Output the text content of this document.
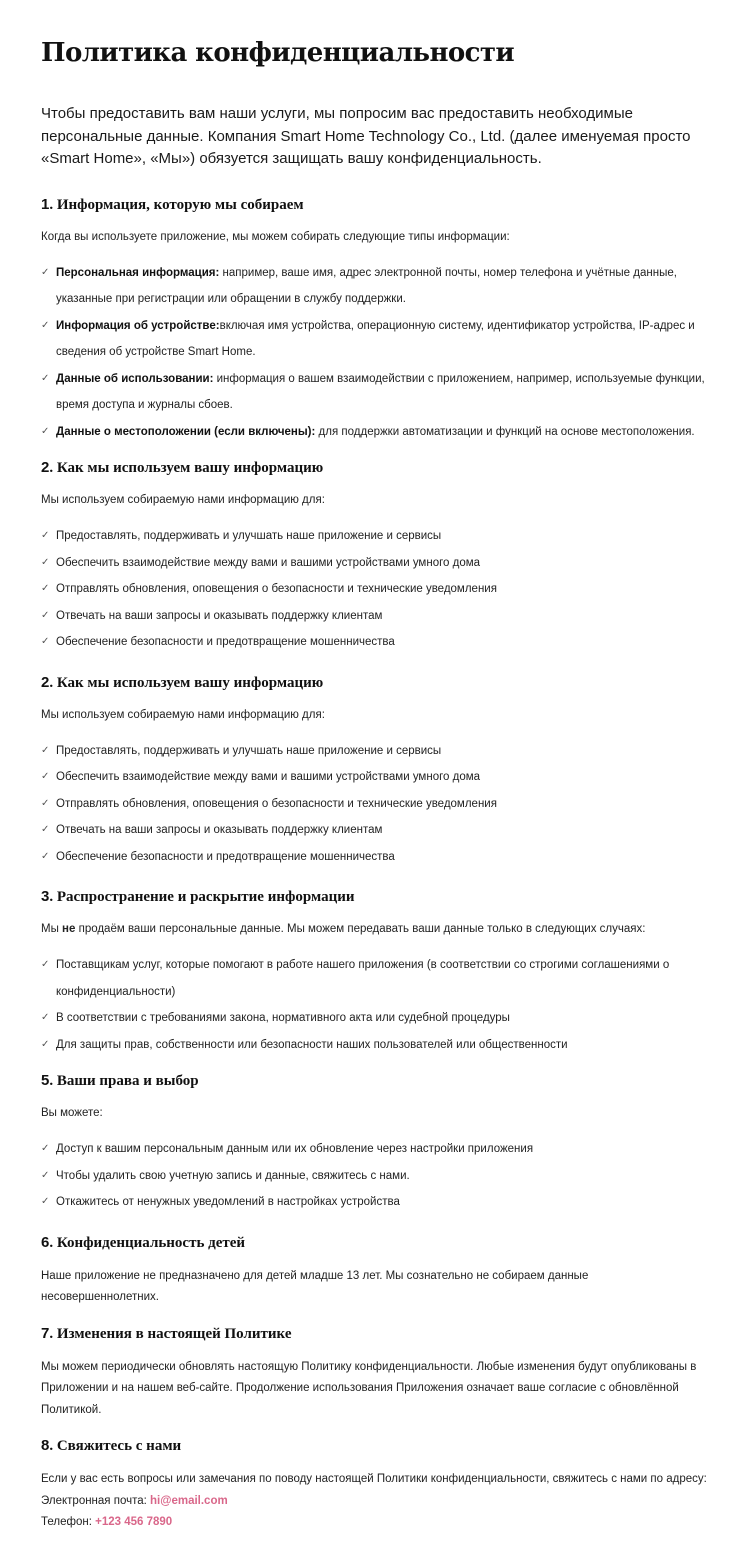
Политика конфиденциальности

Чтобы предоставить вам наши услуги, мы попросим вас предоставить необходимые персональные данные. Компания Smart Home Technology Co., Ltd. (далее именуемая просто «Smart Home», «Мы») обязуется защищать вашу конфиденциальность.

1. Информация, которую мы собираем

Когда вы используете приложение, мы можем собирать следующие типы информации:

✓ Персональная информация: например, ваше имя, адрес электронной почты, номер телефона и учётные данные, указанные при регистрации или обращении в службу поддержки.
✓ Информация об устройстве:включая имя устройства, операционную систему, идентификатор устройства, IP-адрес и сведения об устройстве Smart Home.
✓ Данные об использовании: информация о вашем взаимодействии с приложением, например, используемые функции, время доступа и журналы сбоев.
✓ Данные о местоположении (если включены): для поддержки автоматизации и функций на основе местоположения.
2. Как мы используем вашу информацию

Мы используем собираемую нами информацию для:

✓ Предоставлять, поддерживать и улучшать наше приложение и сервисы
✓ Обеспечить взаимодействие между вами и вашими устройствами умного дома
✓ Отправлять обновления, оповещения о безопасности и технические уведомления
✓ Отвечать на ваши запросы и оказывать поддержку клиентам
✓ Обеспечение безопасности и предотвращение мошенничества
2. Как мы используем вашу информацию

Мы используем собираемую нами информацию для:

✓ Предоставлять, поддерживать и улучшать наше приложение и сервисы
✓ Обеспечить взаимодействие между вами и вашими устройствами умного дома
✓ Отправлять обновления, оповещения о безопасности и технические уведомления
✓ Отвечать на ваши запросы и оказывать поддержку клиентам
✓ Обеспечение безопасности и предотвращение мошенничества
3. Распространение и раскрытие информации

Мы не продаём ваши персональные данные. Мы можем передавать ваши данные только в следующих случаях:

✓ Поставщикам услуг, которые помогают в работе нашего приложения (в соответствии со строгими соглашениями о конфиденциальности)
✓ В соответствии с требованиями закона, нормативного акта или судебной процедуры
✓ Для защиты прав, собственности или безопасности наших пользователей или общественности
5. Ваши права и выбор

Вы можете:

✓ Доступ к вашим персональным данным или их обновление через настройки приложения
✓ Чтобы удалить свою учетную запись и данные, свяжитесь с нами.
✓ Откажитесь от ненужных уведомлений в настройках устройства
6. Конфиденциальность детей

Наше приложение не предназначено для детей младше 13 лет. Мы сознательно не собираем данные несовершеннолетних.

7. Изменения в настоящей Политике

Мы можем периодически обновлять настоящую Политику конфиденциальности. Любые изменения будут опубликованы в Приложении и на нашем веб-сайте. Продолжение использования Приложения означает ваше согласие с обновлённой Политикой.

8. Свяжитесь с нами
Если у вас есть вопросы или замечания по поводу настоящей Политики конфиденциальности, свяжитесь с нами по адресу:
Электронная почта: hi@email.com
Телефон: +123 456 7890
